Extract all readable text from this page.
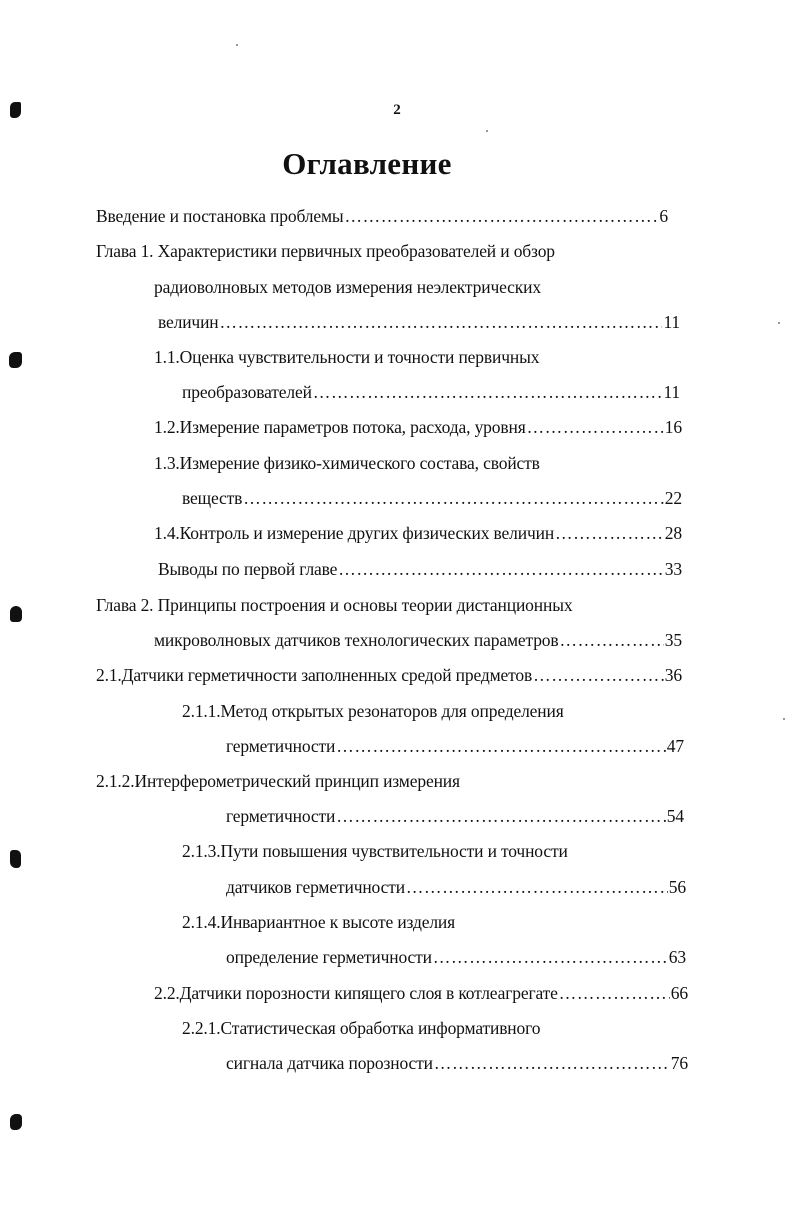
2
Оглавление
Введение и постановка проблемы ……………………………………………………………………………………………………………………………………………………………………………………………………	6
Глава 1. Характеристики первичных преобразователей и обзор
радиоволновых методов измерения неэлектрических
величин ……………………………………………………………………………………………………………………………………………………………………………………………………	11
1.1.Оценка чувствительности и точности первичных
преобразователей ……………………………………………………………………………………………………………………………………………………………………………………………………	11
1.2.Измерение параметров потока, расхода, уровня ……………………………………………………………………………………………………………………………………………………………………………………………………	16
1.3.Измерение физико-химического состава, свойств
веществ ……………………………………………………………………………………………………………………………………………………………………………………………………	22
1.4.Контроль и измерение других физических величин ……………………………………………………………………………………………………………………………………………………………………………………………………	28
Выводы по первой главе ……………………………………………………………………………………………………………………………………………………………………………………………………	33
Глава 2. Принципы построения и основы теории дистанционных
микроволновых датчиков технологических параметров ……………………………………………………………………………………………………………………………………………………………………………………………………	35
2.1.Датчики герметичности заполненных средой предметов ……………………………………………………………………………………………………………………………………………………………………………………………………	36
2.1.1.Метод открытых резонаторов для определения
герметичности ……………………………………………………………………………………………………………………………………………………………………………………………………	47
2.1.2.Интерферометрический принцип измерения
герметичности ……………………………………………………………………………………………………………………………………………………………………………………………………	54
2.1.3.Пути повышения чувствительности и точности
датчиков герметичности ……………………………………………………………………………………………………………………………………………………………………………………………………	56
2.1.4.Инвариантное к высоте изделия
определение герметичности ……………………………………………………………………………………………………………………………………………………………………………………………………	63
2.2.Датчики порозности кипящего слоя в котлеагрегате ……………………………………………………………………………………………………………………………………………………………………………………………………	66
2.2.1.Статистическая обработка информативного
сигнала датчика порозности ……………………………………………………………………………………………………………………………………………………………………………………………………	76
